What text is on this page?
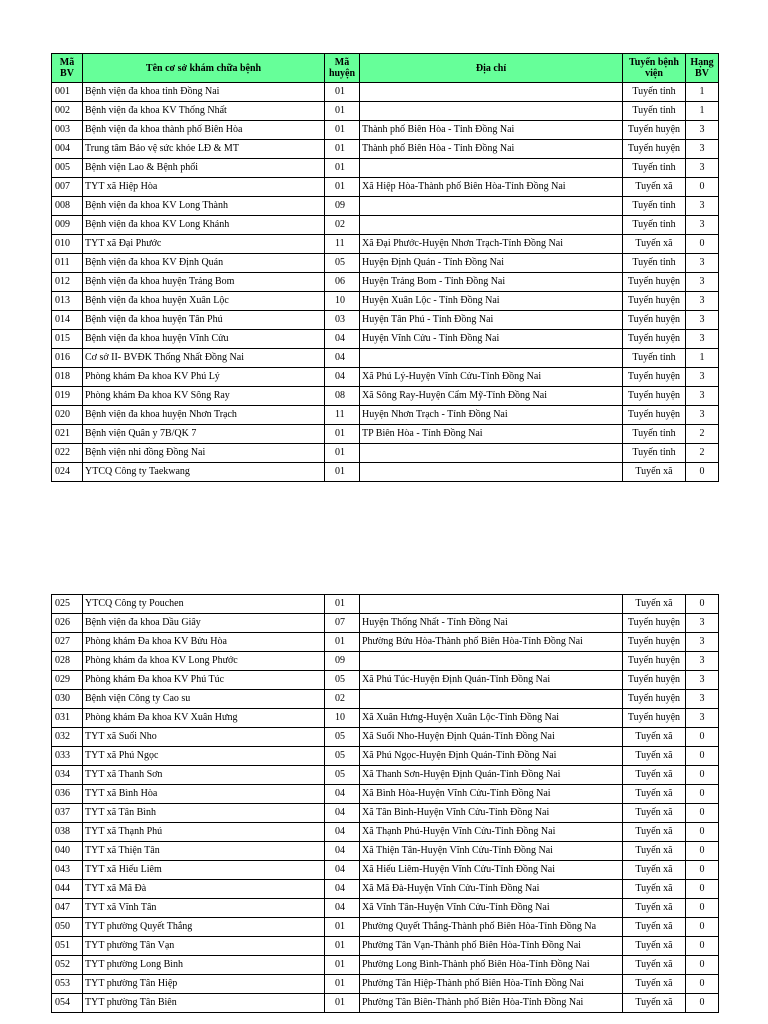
Mã BV	Tên cơ sở khám chữa bệnh	Mã huyện	Địa chỉ	Tuyến bệnh viện	Hạng BV
001	Bệnh viện đa khoa tỉnh Đồng Nai	01		Tuyến tỉnh	1
002	Bệnh viện đa khoa KV Thống Nhất	01		Tuyến tỉnh	1
003	Bệnh viện đa khoa thành phố Biên Hòa	01	Thành phố Biên Hòa - Tỉnh Đồng Nai	Tuyến huyện	3
004	Trung tâm Bảo vệ sức khỏe LĐ & MT	01	Thành phố Biên Hòa - Tỉnh Đồng Nai	Tuyến huyện	3
005	Bệnh viện Lao & Bệnh phổi	01		Tuyến tỉnh	3
007	TYT xã Hiệp Hòa	01	Xã Hiệp Hòa-Thành phố Biên Hòa-Tỉnh Đồng Nai	Tuyến xã	0
008	Bệnh viện đa khoa KV Long Thành	09		Tuyến tỉnh	3
009	Bệnh viện đa khoa KV Long Khánh	02		Tuyến tỉnh	3
010	TYT xã Đại Phước	11	Xã Đại Phước-Huyện Nhơn Trạch-Tỉnh Đồng Nai	Tuyến xã	0
011	Bệnh viện đa khoa KV Định Quán	05	Huyện Định Quán - Tỉnh Đồng Nai	Tuyến tỉnh	3
012	Bệnh viện đa khoa huyện Trảng Bom	06	Huyện Trảng Bom - Tỉnh Đồng Nai	Tuyến huyện	3
013	Bệnh viện đa khoa huyện Xuân Lộc	10	Huyện Xuân Lộc - Tỉnh Đồng Nai	Tuyến huyện	3
014	Bệnh viện đa khoa huyện Tân Phú	03	Huyện Tân Phú - Tỉnh Đồng Nai	Tuyến huyện	3
015	Bệnh viện đa khoa huyện Vĩnh Cửu	04	Huyện Vĩnh Cửu - Tỉnh Đồng Nai	Tuyến huyện	3
016	Cơ sở II- BVĐK Thống Nhất Đồng Nai	04		Tuyến tỉnh	1
018	Phòng khám Đa khoa KV Phú Lý	04	Xã Phú Lý-Huyện Vĩnh Cửu-Tỉnh Đồng Nai	Tuyến huyện	3
019	Phòng khám Đa khoa KV Sông Ray	08	Xã Sông Ray-Huyện Cẩm Mỹ-Tỉnh Đồng Nai	Tuyến huyện	3
020	Bệnh viện đa khoa huyện Nhơn Trạch	11	Huyện Nhơn Trạch - Tỉnh Đồng Nai	Tuyến huyện	3
021	Bệnh viện Quân y 7B/QK 7	01	TP Biên Hòa - Tỉnh Đồng Nai	Tuyến tỉnh	2
022	Bệnh viện nhi đồng Đồng Nai	01		Tuyến tỉnh	2
024	YTCQ Công ty Taekwang	01		Tuyến xã	0
025	YTCQ Công ty Pouchen	01		Tuyến xã	0
026	Bệnh viện đa khoa Dầu Giây	07	Huyện Thống Nhất - Tỉnh Đồng Nai	Tuyến huyện	3
027	Phòng khám Đa khoa KV Bửu Hòa	01	Phường Bửu Hòa-Thành phố Biên Hòa-Tỉnh Đồng Nai	Tuyến huyện	3
028	Phòng khám đa khoa KV Long Phước	09		Tuyến huyện	3
029	Phòng khám Đa khoa KV Phú Túc	05	Xã Phú Túc-Huyện Định Quán-Tỉnh Đồng Nai	Tuyến huyện	3
030	Bệnh viện Công ty Cao su	02		Tuyến huyện	3
031	Phòng khám Đa khoa KV Xuân Hưng	10	Xã Xuân Hưng-Huyện Xuân Lộc-Tỉnh Đồng Nai	Tuyến huyện	3
032	TYT xã Suối Nho	05	Xã Suối Nho-Huyện Định Quán-Tỉnh Đồng Nai	Tuyến xã	0
033	TYT xã Phú Ngọc	05	Xã Phú Ngọc-Huyện Định Quán-Tỉnh Đồng Nai	Tuyến xã	0
034	TYT xã Thanh Sơn	05	Xã Thanh Sơn-Huyện Định Quán-Tỉnh Đồng Nai	Tuyến xã	0
036	TYT xã Bình Hòa	04	Xã Bình Hòa-Huyện Vĩnh Cửu-Tỉnh Đồng Nai	Tuyến xã	0
037	TYT xã Tân Bình	04	Xã Tân Bình-Huyện Vĩnh Cửu-Tỉnh Đồng Nai	Tuyến xã	0
038	TYT xã Thạnh Phú	04	Xã Thạnh Phú-Huyện Vĩnh Cửu-Tỉnh Đồng Nai	Tuyến xã	0
040	TYT xã Thiện Tân	04	Xã Thiện Tân-Huyện Vĩnh Cửu-Tỉnh Đồng Nai	Tuyến xã	0
043	TYT xã Hiếu Liêm	04	Xã Hiếu Liêm-Huyện Vĩnh Cửu-Tỉnh Đồng Nai	Tuyến xã	0
044	TYT xã Mã Đà	04	Xã Mã Đà-Huyện Vĩnh Cửu-Tỉnh Đồng Nai	Tuyến xã	0
047	TYT xã Vĩnh Tân	04	Xã Vĩnh Tân-Huyện Vĩnh Cửu-Tỉnh Đồng Nai	Tuyến xã	0
050	TYT phường Quyết Thắng	01	Phường Quyết Thắng-Thành phố Biên Hòa-Tỉnh Đồng Na	Tuyến xã	0
051	TYT phường Tân Vạn	01	Phường Tân Vạn-Thành phố Biên Hòa-Tỉnh Đồng Nai	Tuyến xã	0
052	TYT phường Long Bình	01	Phường Long Bình-Thành phố Biên Hòa-Tỉnh Đồng Nai	Tuyến xã	0
053	TYT phường Tân Hiệp	01	Phường Tân Hiệp-Thành phố Biên Hòa-Tỉnh Đồng Nai	Tuyến xã	0
054	TYT phường Tân Biên	01	Phường Tân Biên-Thành phố Biên Hòa-Tỉnh Đồng Nai	Tuyến xã	0
